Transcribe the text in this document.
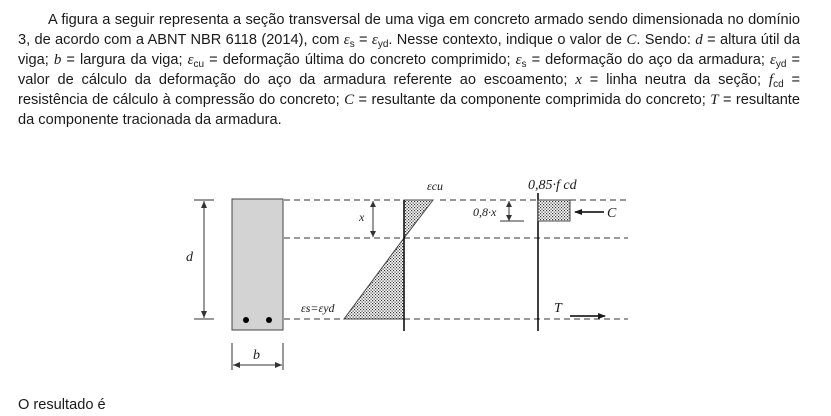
A figura a seguir representa a seção transversal de uma viga em concreto armado sendo dimensionada no domínio 3, de acordo com a ABNT NBR 6118 (2014), com $\varepsilon_s = \varepsilon_{yd}$. Nesse contexto, indique o valor de C. Sendo: d = altura útil da viga; b = largura da viga; $\varepsilon_{cu}$ = deformação última do concreto comprimido; $\varepsilon_s$ = deformação do aço da armadura; $\varepsilon_{yd}$ = valor de cálculo da deformação do aço da armadura referente ao escoamento; x = linha neutra da seção; $f_{cd}$ = resistência de cálculo à compressão do concreto; C = resultante da componente comprimida do concreto; T = resultante da componente tracionada da armadura.

d
b
x
εcu
εs=εyd
0,85·f cd
0,8·x	C
T
O resultado é
